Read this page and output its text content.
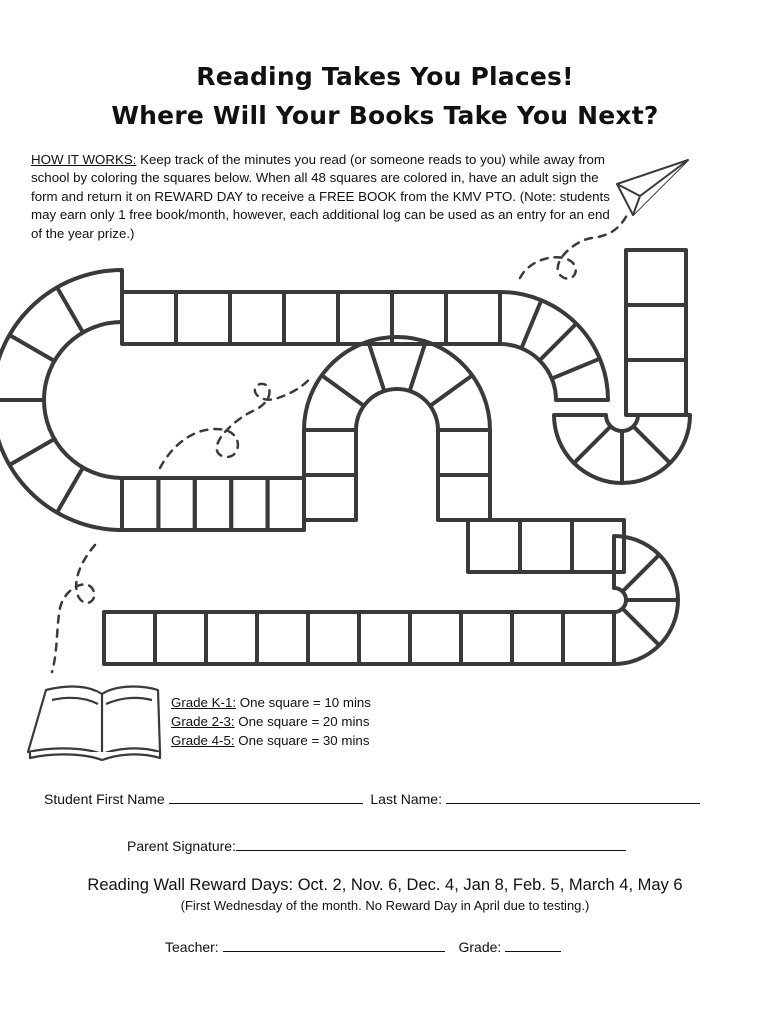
Reading Takes You Places!
Where Will Your Books Take You Next?
HOW IT WORKS: Keep track of the minutes you read (or someone reads to you) while away from school by coloring the squares below. When all 48 squares are colored in, have an adult sign the form and return it on REWARD DAY to receive a FREE BOOK from the KMV PTO. (Note: students may earn only 1 free book/month, however, each additional log can be used as an entry for an end of the year prize.)
Grade K-1: One square = 10 mins
Grade 2-3: One square = 20 mins
Grade 4-5: One square = 30 mins
Student First Name	Last Name:
Parent Signature:
Reading Wall Reward Days: Oct. 2, Nov. 6, Dec. 4, Jan 8, Feb. 5, March 4, May 6
(First Wednesday of the month. No Reward Day in April due to testing.)
Teacher:	Grade:
